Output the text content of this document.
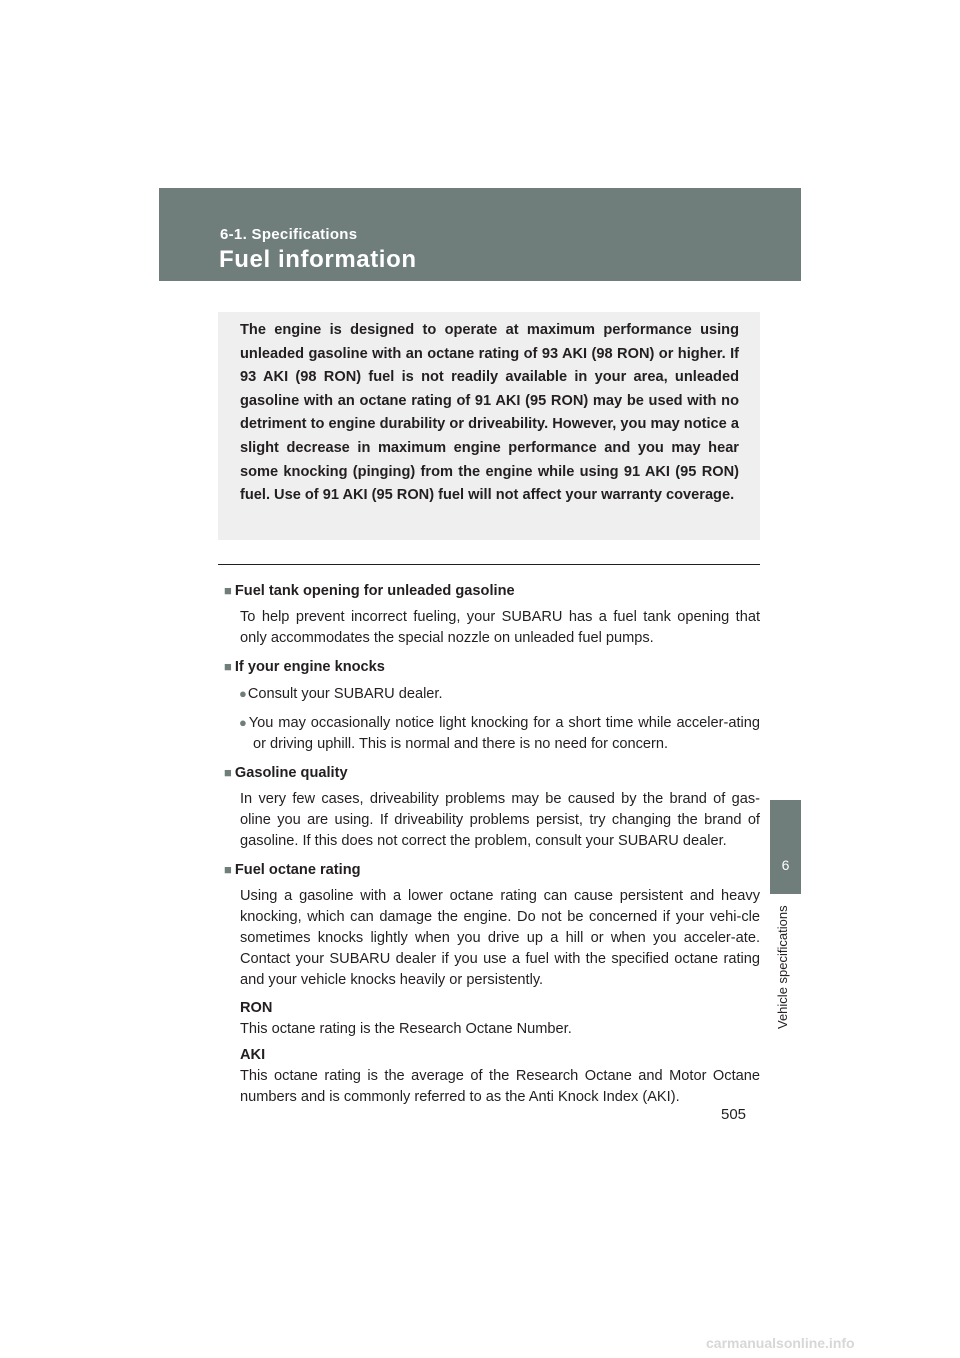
6-1. Specifications
Fuel information
6
Vehicle specifications
The engine is designed to operate at maximum performance using unleaded gasoline with an octane rating of 93 AKI (98 RON) or higher. If 93 AKI (98 RON) fuel is not readily available in your area, unleaded gasoline with an octane rating of 91 AKI (95 RON) may be used with no detriment to engine durability or driveability. However, you may notice a slight decrease in maximum engine performance and you may hear some knocking (pinging) from the engine while using 91 AKI (95 RON) fuel. Use of 91 AKI (95 RON) fuel will not affect your warranty coverage.
■ Fuel tank opening for unleaded gasoline
To help prevent incorrect fueling, your SUBARU has a fuel tank opening that only accommodates the special nozzle on unleaded fuel pumps.
■ If your engine knocks
●Consult your SUBARU dealer.
●You may occasionally notice light knocking for a short time while acceler-ating or driving uphill. This is normal and there is no need for concern.
■ Gasoline quality
In very few cases, driveability problems may be caused by the brand of gas-oline you are using. If driveability problems persist, try changing the brand of gasoline. If this does not correct the problem, consult your SUBARU dealer.
■ Fuel octane rating
Using a gasoline with a lower octane rating can cause persistent and heavy knocking, which can damage the engine. Do not be concerned if your vehi-cle sometimes knocks lightly when you drive up a hill or when you acceler-ate. Contact your SUBARU dealer if you use a fuel with the specified octane rating and your vehicle knocks heavily or persistently.
RON
This octane rating is the Research Octane Number.
AKI
This octane rating is the average of the Research Octane and Motor Octane numbers and is commonly referred to as the Anti Knock Index (AKI).
505
carmanualsonline.info
